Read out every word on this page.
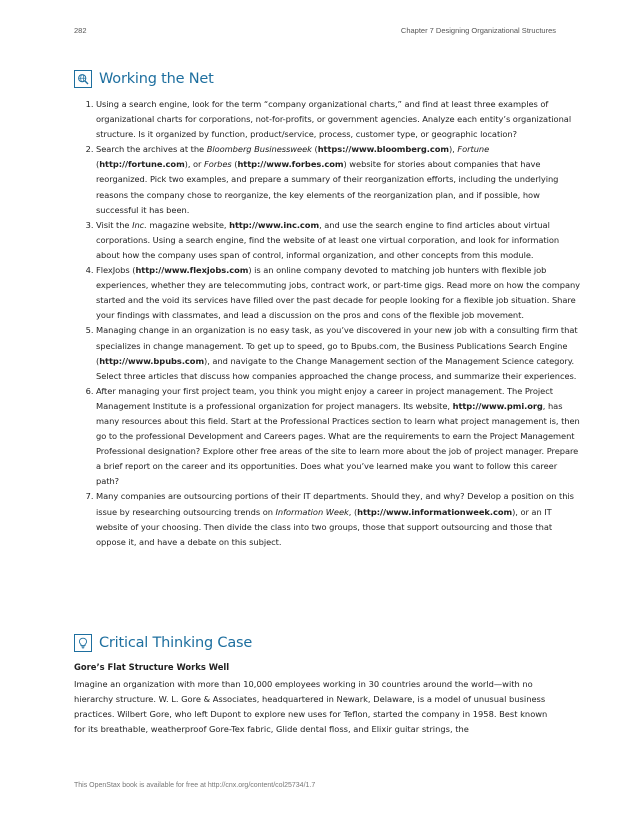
282	Chapter 7 Designing Organizational Structures
Working the Net
1. Using a search engine, look for the term “company organizational charts,” and find at least three examples of organizational charts for corporations, not-for-profits, or government agencies. Analyze each entity’s organizational structure. Is it organized by function, product/service, process, customer type, or geographic location?
2. Search the archives at the Bloomberg Businessweek (https://www.bloomberg.com), Fortune (http://fortune.com), or Forbes (http://www.forbes.com) website for stories about companies that have reorganized. Pick two examples, and prepare a summary of their reorganization efforts, including the underlying reasons the company chose to reorganize, the key elements of the reorganization plan, and if possible, how successful it has been.
3. Visit the Inc. magazine website, http://www.inc.com, and use the search engine to find articles about virtual corporations. Using a search engine, find the website of at least one virtual corporation, and look for information about how the company uses span of control, informal organization, and other concepts from this module.
4. FlexJobs (http://www.flexjobs.com) is an online company devoted to matching job hunters with flexible job experiences, whether they are telecommuting jobs, contract work, or part-time gigs. Read more on how the company started and the void its services have filled over the past decade for people looking for a flexible job situation. Share your findings with classmates, and lead a discussion on the pros and cons of the flexible job movement.
5. Managing change in an organization is no easy task, as you’ve discovered in your new job with a consulting firm that specializes in change management. To get up to speed, go to Bpubs.com, the Business Publications Search Engine (http://www.bpubs.com), and navigate to the Change Management section of the Management Science category. Select three articles that discuss how companies approached the change process, and summarize their experiences.
6. After managing your first project team, you think you might enjoy a career in project management. The Project Management Institute is a professional organization for project managers. Its website, http://www.pmi.org, has many resources about this field. Start at the Professional Practices section to learn what project management is, then go to the professional Development and Careers pages. What are the requirements to earn the Project Management Professional designation? Explore other free areas of the site to learn more about the job of project manager. Prepare a brief report on the career and its opportunities. Does what you’ve learned make you want to follow this career path?
7. Many companies are outsourcing portions of their IT departments. Should they, and why? Develop a position on this issue by researching outsourcing trends on Information Week, (http://www.informationweek.com), or an IT website of your choosing. Then divide the class into two groups, those that support outsourcing and those that oppose it, and have a debate on this subject.
Critical Thinking Case
Gore’s Flat Structure Works Well

Imagine an organization with more than 10,000 employees working in 30 countries around the world—with no hierarchy structure. W. L. Gore & Associates, headquartered in Newark, Delaware, is a model of unusual business practices. Wilbert Gore, who left Dupont to explore new uses for Teflon, started the company in 1958. Best known for its breathable, weatherproof Gore-Tex fabric, Glide dental floss, and Elixir guitar strings, the

This OpenStax book is available for free at http://cnx.org/content/col25734/1.7
